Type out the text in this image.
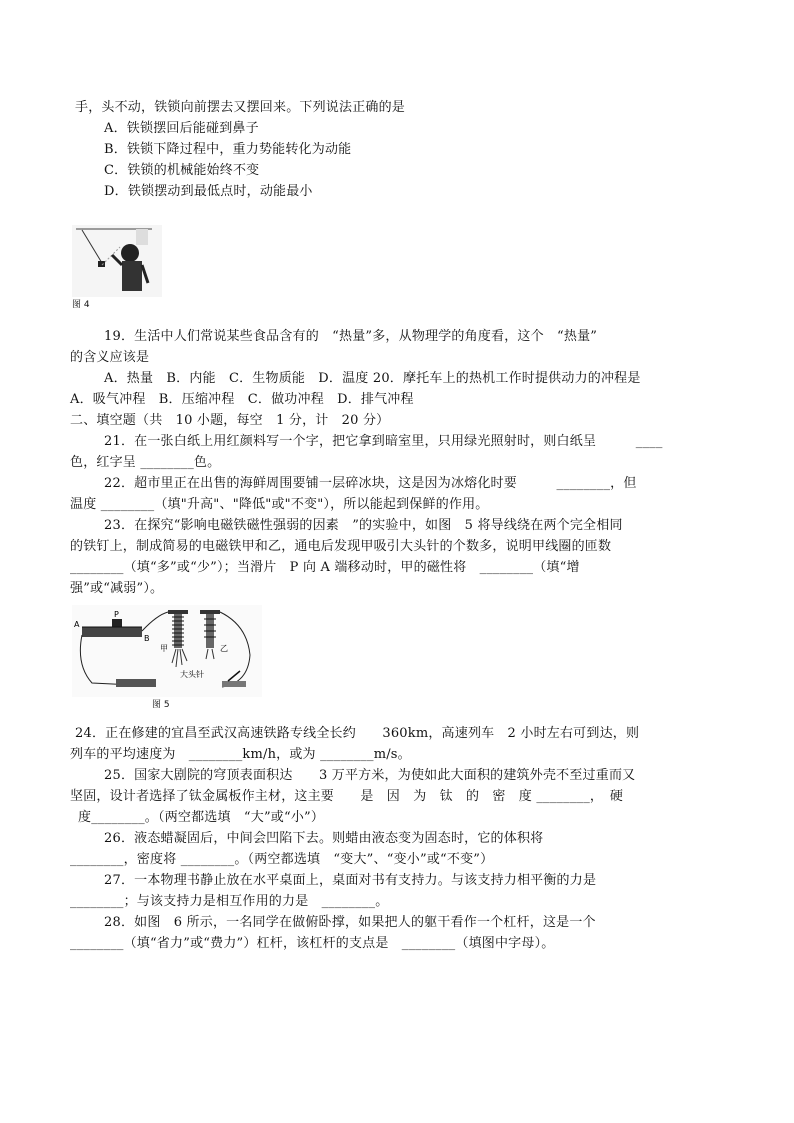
手，头不动，铁锁向前摆去又摆回来。下列说法正确的是
A．铁锁摆回后能碰到鼻子
B．铁锁下降过程中，重力势能转化为动能
C．铁锁的机械能始终不变
D．铁锁摆动到最低点时，动能最小
图 4
19．生活中人们常说某些食品含有的　“热量”多，从物理学的角度看，这个　“热量”
的含义应该是
A．热量　B．内能　C．生物质能　D．温度 20．摩托车上的热机工作时提供动力的冲程是
A．吸气冲程　B．压缩冲程　C．做功冲程　D．排气冲程
二、填空题（共　10 小题，每空　1 分，计　20 分）
21．在一张白纸上用红颜料写一个字，把它拿到暗室里，只用绿光照射时，则白纸呈　　　____
色，红字呈 ________色。
22．超市里正在出售的海鲜周围要铺一层碎冰块，这是因为冰熔化时要　　　________，但
温度 ________（填"升高"、"降低"或"不变"），所以能起到保鲜的作用。
23．在探究“影响电磁铁磁性强弱的因素　”的实验中，如图　5 将导线绕在两个完全相同
的铁钉上，制成简易的电磁铁甲和乙，通电后发现甲吸引大头针的个数多，说明甲线圈的匝数
________（填“多”或“少”）；当滑片　P 向 A 端移动时，甲的磁性将　________（填“增
强”或“减弱”）。
A
P
B
甲	乙
大头针
图 5
24．正在修建的宜昌至武汉高速铁路专线全长约　　360km，高速列车　2 小时左右可到达，则
列车的平均速度为　________km/h，或为 ________m/s。
25．国家大剧院的穹顶表面积达　　3 万平方米，为使如此大面积的建筑外壳不至过重而又
坚固，设计者选择了钛金属板作主材，这主要　　是　因　为　钛　的　密　度 ________，　硬
度________。（两空都选填　“大”或“小”）
26．液态蜡凝固后，中间会凹陷下去。则蜡由液态变为固态时，它的体积将
________，密度将 ________。（两空都选填　“变大”、“变小”或“不变”）
27．一本物理书静止放在水平桌面上，桌面对书有支持力。与该支持力相平衡的力是
________；与该支持力是相互作用的力是　________。
28．如图　6 所示，一名同学在做俯卧撑，如果把人的躯干看作一个杠杆，这是一个
________（填“省力”或“费力”）杠杆，该杠杆的支点是　________（填图中字母）。
